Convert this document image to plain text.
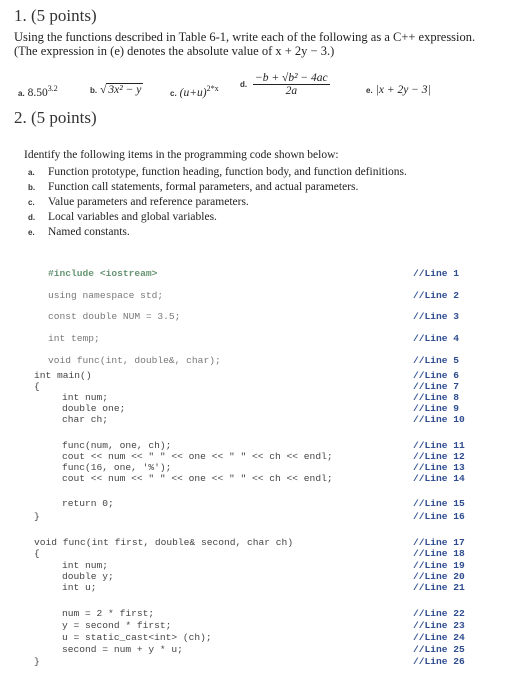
1. (5 points)
Using the functions described in Table 6-1, write each of the following as a C++ expression. (The expression in (e) denotes the absolute value of x + 2y − 3.)
a. $8.50^{3.2}$	b. √ 3x² − y	c. $(u+u)^{2*x}$	d. $\frac{\text{−b + √b² − 4ac}}{2a}$	e. |x + 2y − 3|
2. (5 points)
Identify the following items in the programming code shown below:
a. Function prototype, function heading, function body, and function definitions.
b. Function call statements, formal parameters, and actual parameters.
c. Value parameters and reference parameters.
d. Local variables and global variables.
e. Named constants.
#include <iostream>	//Line 1
using namespace std;	//Line 2
const double NUM = 3.5;	//Line 3
int temp;	//Line 4
void func(int, double&, char);	//Line 5
int main()	//Line 6
{	//Line 7
int num;	//Line 8
double one;	//Line 9
char ch;	//Line 10
func(num, one, ch);	//Line 11
cout << num << " " << one << " " << ch << endl;	//Line 12
func(16, one, '%');	//Line 13
cout << num << " " << one << " " << ch << endl;	//Line 14
return 0;	//Line 15
}	//Line 16
void func(int first, double& second, char ch)	//Line 17
{	//Line 18
int num;	//Line 19
double y;	//Line 20
int u;	//Line 21
num = 2 * first;	//Line 22
y = second * first;	//Line 23
u = static_cast<int> (ch);	//Line 24
second = num + y * u;	//Line 25
}	//Line 26
